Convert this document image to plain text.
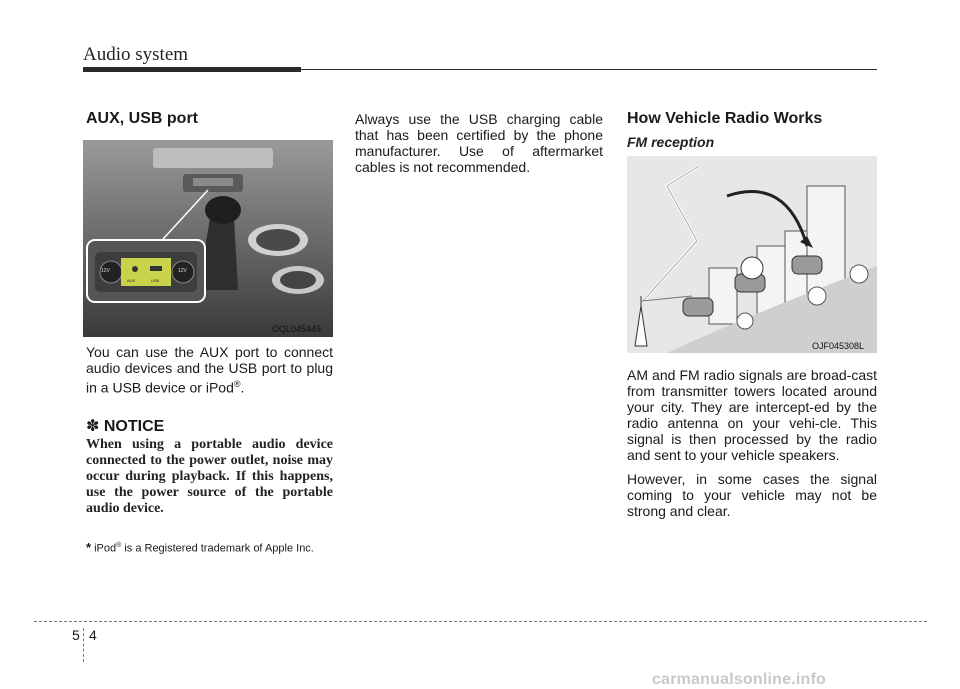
Audio system
AUX, USB port
12V
AUX	USB
12V
OQL045449
You can use the AUX port to connect audio devices and the USB port to plug in a USB device or iPod®.
✽ NOTICE
When using a portable audio device connected to the power outlet, noise may occur during playback. If this happens, use the power source of the portable audio device.
* iPod® is a Registered trademark of Apple Inc.
Always use the USB charging cable that has been certified by the phone manufacturer. Use of aftermarket cables is not recommended.
How Vehicle Radio Works
FM reception
OJF045308L

AM and FM radio signals are broad-cast from transmitter towers located around your city. They are intercept-ed by the radio antenna on your vehi-cle. This signal is then processed by the radio and sent to your vehicle speakers.

However, in some cases the signal coming to your vehicle may not be strong and clear.

5 4
carmanualsonline.info
